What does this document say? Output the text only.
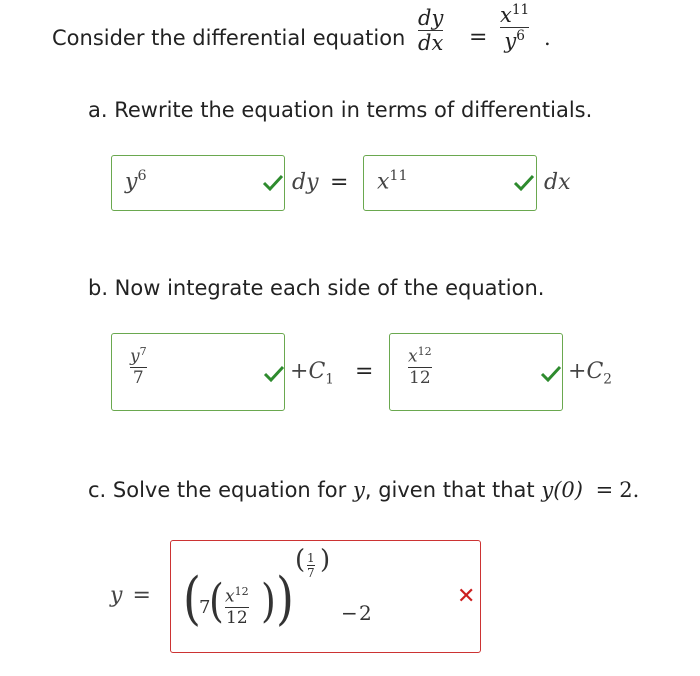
Consider the differential equation
dy
dx =
$x^{11}$
$y^6$ .
a. Rewrite the equation in terms of differentials.
$y^6$	dy = $x^{11}$	dx
b. Now integrate each side of the equation.
$y^7$
7	$+C_1$ =
$x^{12}$
12	$+C_2$
c. Solve the equation for y, given that that y(0) = 2.
y = (
7
( $x^{12}$
12 ) )
( 1
7 )
− 2
✕
